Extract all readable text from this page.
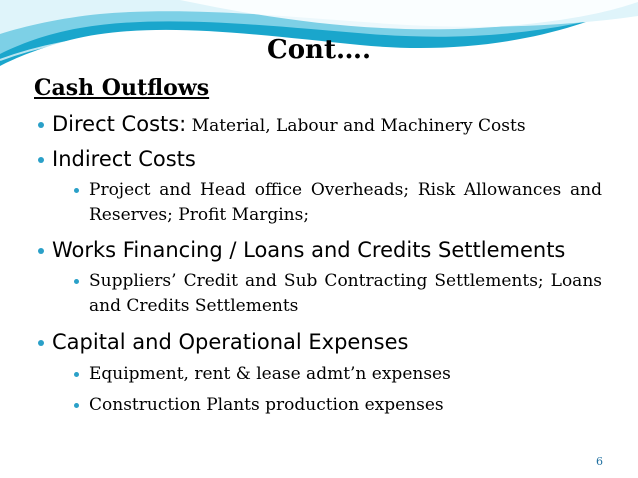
Cont….
Cash Outflows
Direct Costs: Material, Labour and Machinery Costs
Indirect Costs
Project and Head office Overheads; Risk Allowances and Reserves; Profit Margins;
Works Financing / Loans and Credits Settlements
Suppliers’ Credit and Sub Contracting Settlements; Loans and Credits Settlements
Capital and Operational Expenses
Equipment, rent & lease admt’n expenses
Construction Plants production expenses
6
